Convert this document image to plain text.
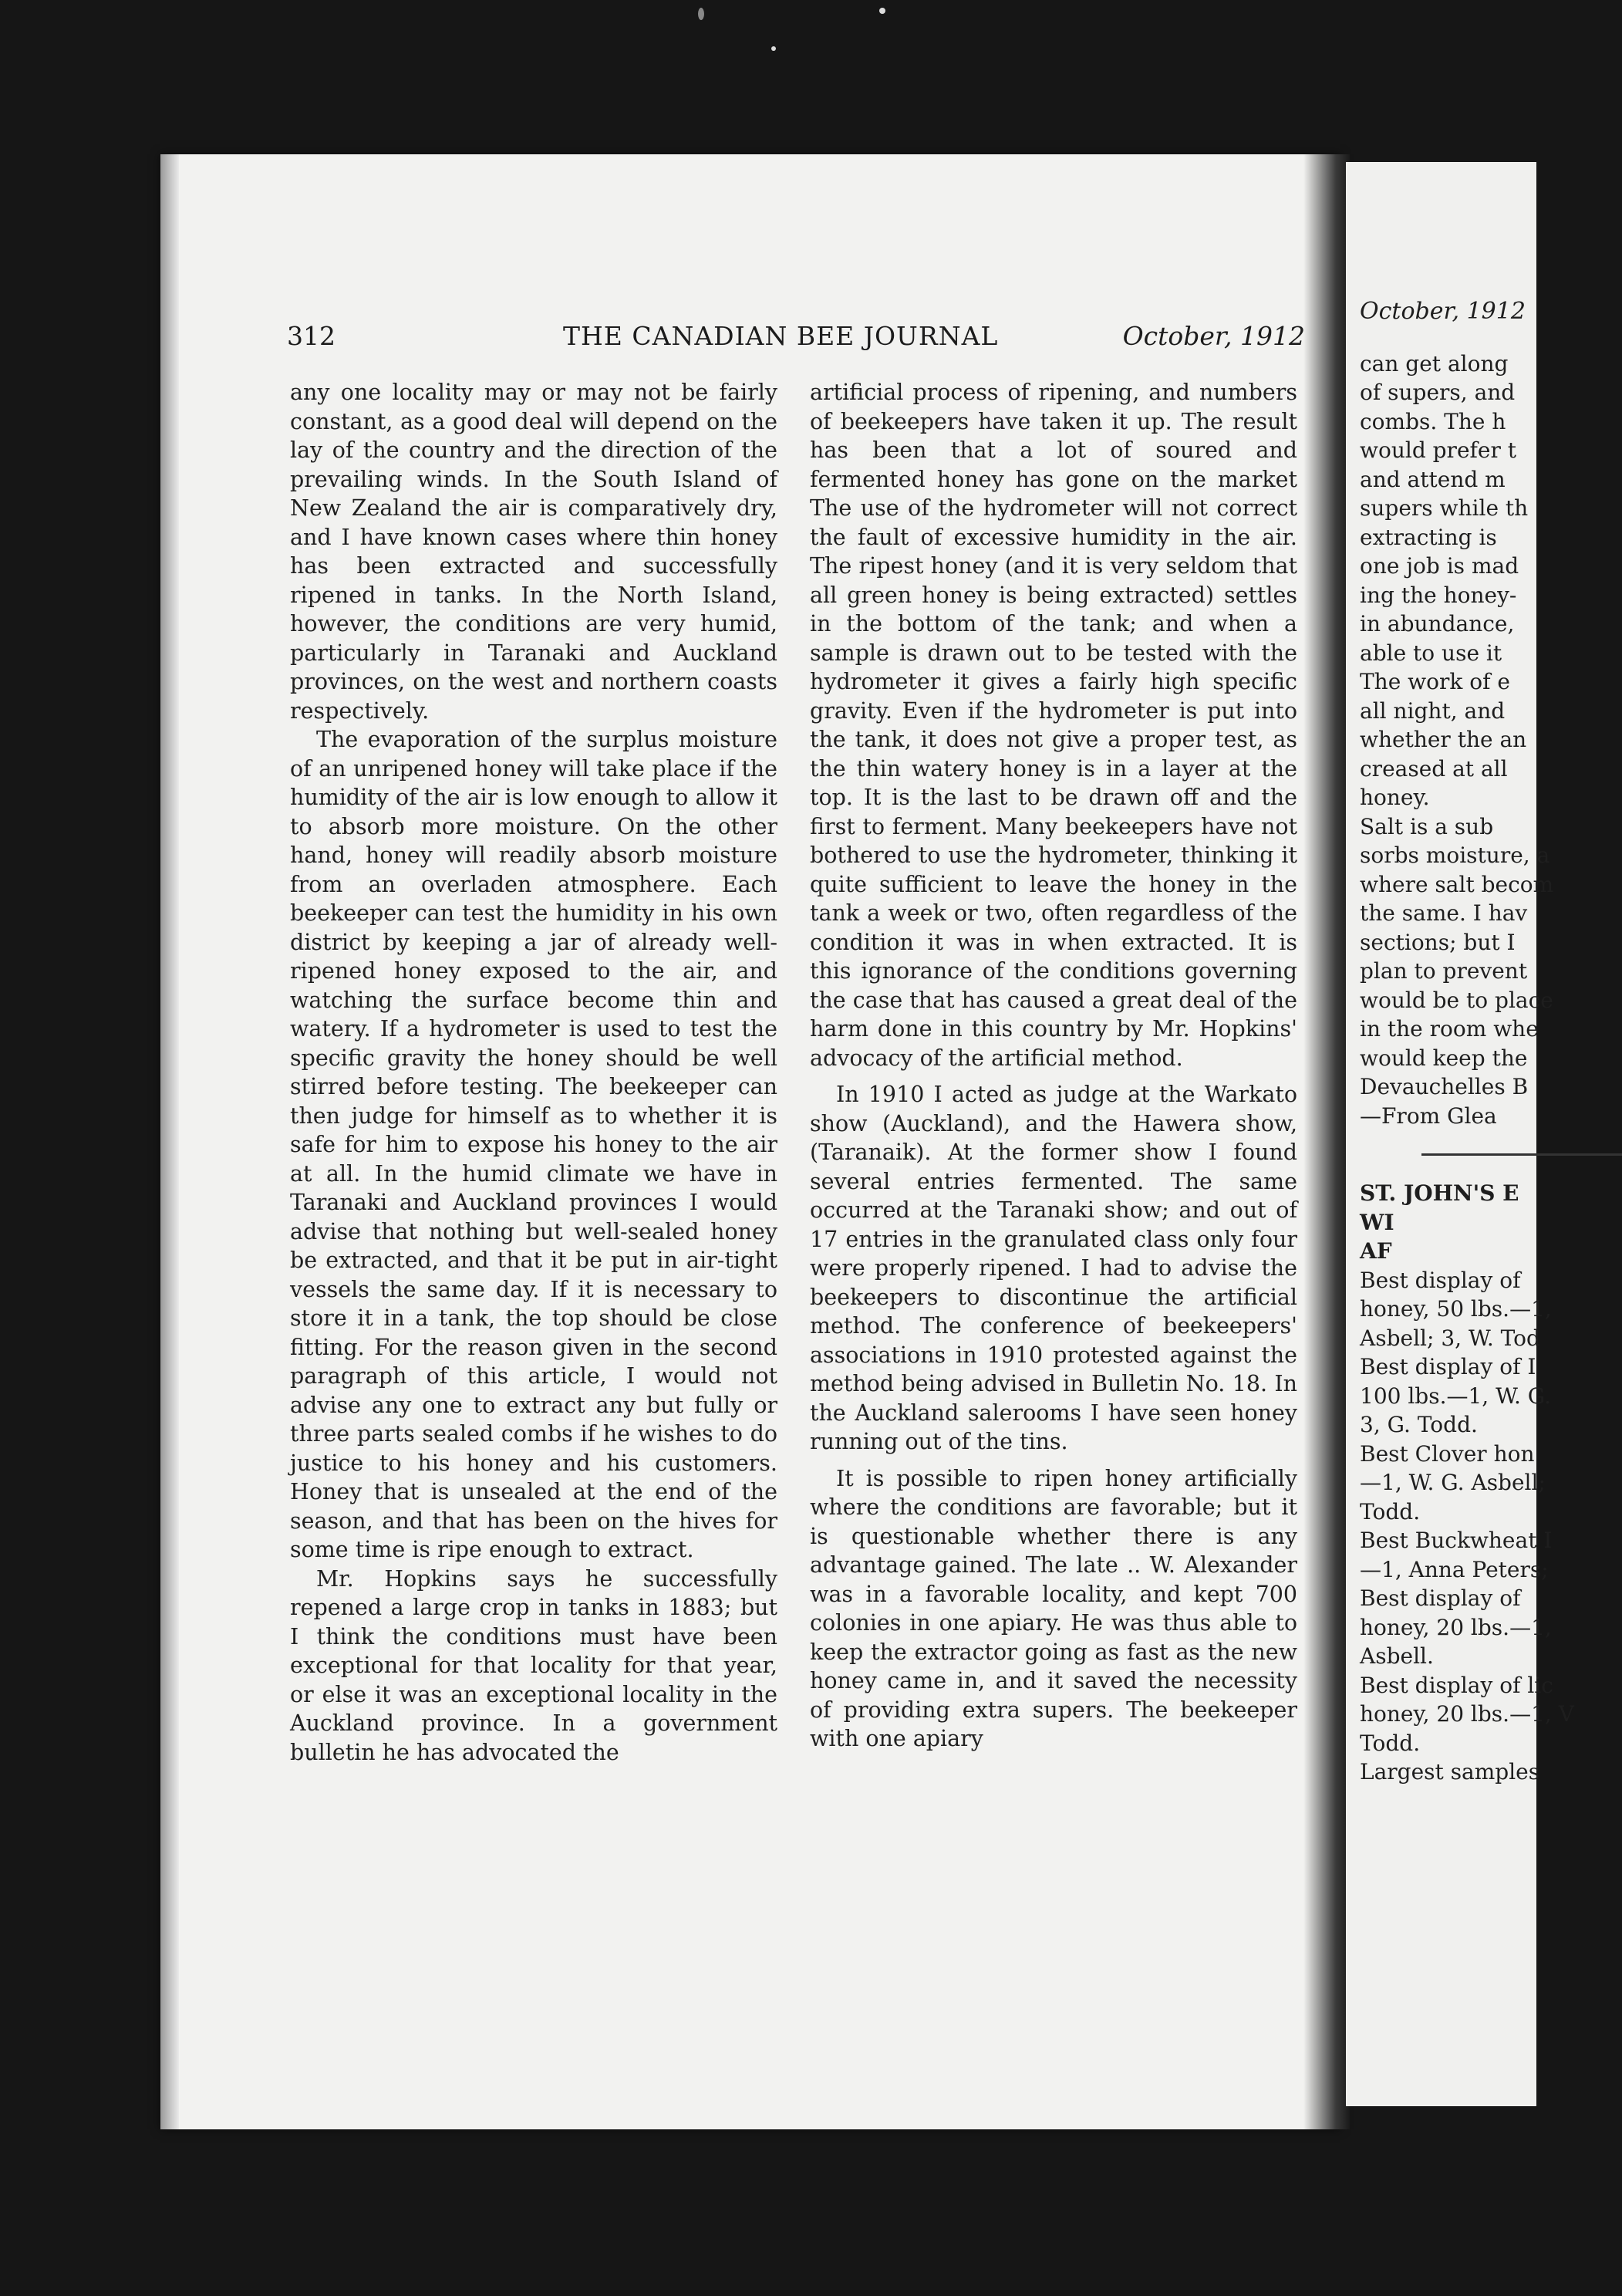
October, 1912
can get along
of supers, and
combs. The h
would prefer t
and attend m
supers while th
extracting is
one job is mad
ing the honey-
in abundance,
able to use it
The work of e
all night, and
whether the an
creased at all
honey.
Salt is a sub
sorbs moisture, a
where salt becom
the same. I hav
sections; but I
plan to prevent
would be to place
in the room whe
would keep the
Devauchelles B
—From Glea
ST. JOHN'S E
WI
AF
Best display of
honey, 50 lbs.—1,
Asbell; 3, W. Tod
Best display of I
100 lbs.—1, W. G.
3, G. Todd.
Best Clover hon
—1, W. G. Asbell;
Todd.
Best Buckwheat I
—1, Anna Peters;
Best display of
honey, 20 lbs.—1,
Asbell.
Best display of lic
honey, 20 lbs.—1, V
Todd.
Largest samples
312	THE CANADIAN BEE JOURNAL	October, 1912

any one locality may or may not be fairly constant, as a good deal will depend on the lay of the country and the direction of the prevailing winds. In the South Island of New Zealand the air is comparatively dry, and I have known cases where thin honey has been extracted and successfully ripened in tanks. In the North Island, however, the conditions are very humid, particularly in Taranaki and Auckland provinces, on the west and northern coasts respectively.

The evaporation of the surplus moisture of an unripened honey will take place if the humidity of the air is low enough to allow it to absorb more moisture. On the other hand, honey will readily absorb moisture from an overladen atmosphere. Each beekeeper can test the humidity in his own district by keeping a jar of already well-ripened honey exposed to the air, and watching the surface become thin and watery. If a hydrometer is used to test the specific gravity the honey should be well stirred before testing. The beekeeper can then judge for himself as to whether it is safe for him to expose his honey to the air at all. In the humid climate we have in Taranaki and Auckland provinces I would advise that nothing but well-sealed honey be extracted, and that it be put in air-tight vessels the same day. If it is necessary to store it in a tank, the top should be close fitting. For the reason given in the second paragraph of this article, I would not advise any one to extract any but fully or three parts sealed combs if he wishes to do justice to his honey and his customers. Honey that is unsealed at the end of the season, and that has been on the hives for some time is ripe enough to extract.

Mr. Hopkins says he successfully repened a large crop in tanks in 1883; but I think the conditions must have been exceptional for that locality for that year, or else it was an exceptional locality in the Auckland province. In a government bulletin he has advocated the

artificial process of ripening, and numbers of beekeepers have taken it up. The result has been that a lot of soured and fermented honey has gone on the market The use of the hydrometer will not correct the fault of excessive humidity in the air. The ripest honey (and it is very seldom that all green honey is being extracted) settles in the bottom of the tank; and when a sample is drawn out to be tested with the hydrometer it gives a fairly high specific gravity. Even if the hydrometer is put into the tank, it does not give a proper test, as the thin watery honey is in a layer at the top. It is the last to be drawn off and the first to ferment. Many beekeepers have not bothered to use the hydrometer, thinking it quite sufficient to leave the honey in the tank a week or two, often regardless of the condition it was in when extracted. It is this ignorance of the conditions governing the case that has caused a great deal of the harm done in this country by Mr. Hopkins' advocacy of the artificial method.

In 1910 I acted as judge at the Warkato show (Auckland), and the Hawera show, (Taranaik). At the former show I found several entries fermented. The same occurred at the Taranaki show; and out of 17 entries in the granulated class only four were properly ripened. I had to advise the beekeepers to discontinue the artificial method. The conference of beekeepers' associations in 1910 protested against the method being advised in Bulletin No. 18. In the Auckland salerooms I have seen honey running out of the tins.

It is possible to ripen honey artificially where the conditions are favorable; but it is questionable whether there is any advantage gained. The late .. W. Alexander was in a favorable locality, and kept 700 colonies in one apiary. He was thus able to keep the extractor going as fast as the new honey came in, and it saved the necessity of providing extra supers. The beekeeper with one apiary
